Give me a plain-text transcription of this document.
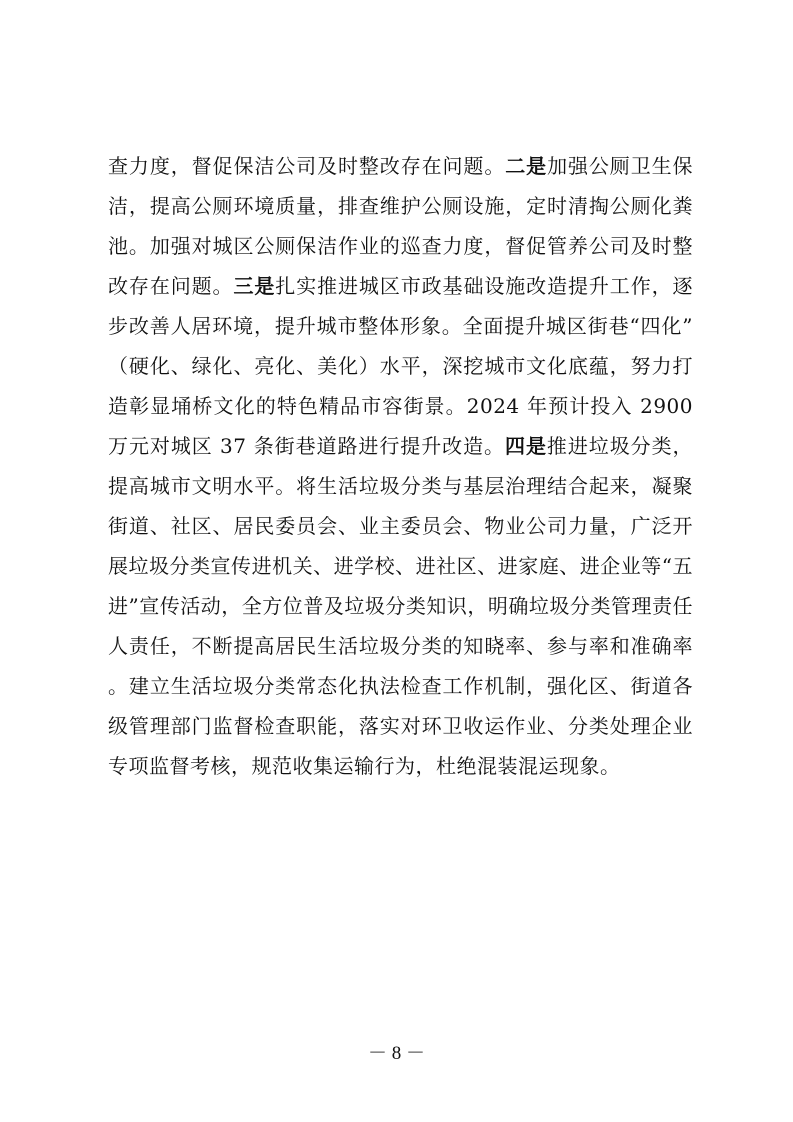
查力度，督促保洁公司及时整改存在问题。二是加强公厕卫生保洁，提高公厕环境质量，排查维护公厕设施，定时清掏公厕化粪池。加强对城区公厕保洁作业的巡查力度，督促管养公司及时整改存在问题。三是扎实推进城区市政基础设施改造提升工作，逐步改善人居环境，提升城市整体形象。全面提升城区街巷“四化”（硬化、绿化、亮化、美化）水平，深挖城市文化底蕴，努力打造彰显埇桥文化的特色精品市容街景。2024 年预计投入 2900 万元对城区 37 条街巷道路进行提升改造。四是推进垃圾分类，提高城市文明水平。将生活垃圾分类与基层治理结合起来，凝聚街道、社区、居民委员会、业主委员会、物业公司力量，广泛开展垃圾分类宣传进机关、进学校、进社区、进家庭、进企业等“五进”宣传活动，全方位普及垃圾分类知识，明确垃圾分类管理责任人责任，不断提高居民生活垃圾分类的知晓率、参与率和准确率。建立生活垃圾分类常态化执法检查工作机制，强化区、街道各级管理部门监督检查职能，落实对环卫收运作业、分类处理企业专项监督考核，规范收集运输行为，杜绝混装混运现象。

－ 8 －
